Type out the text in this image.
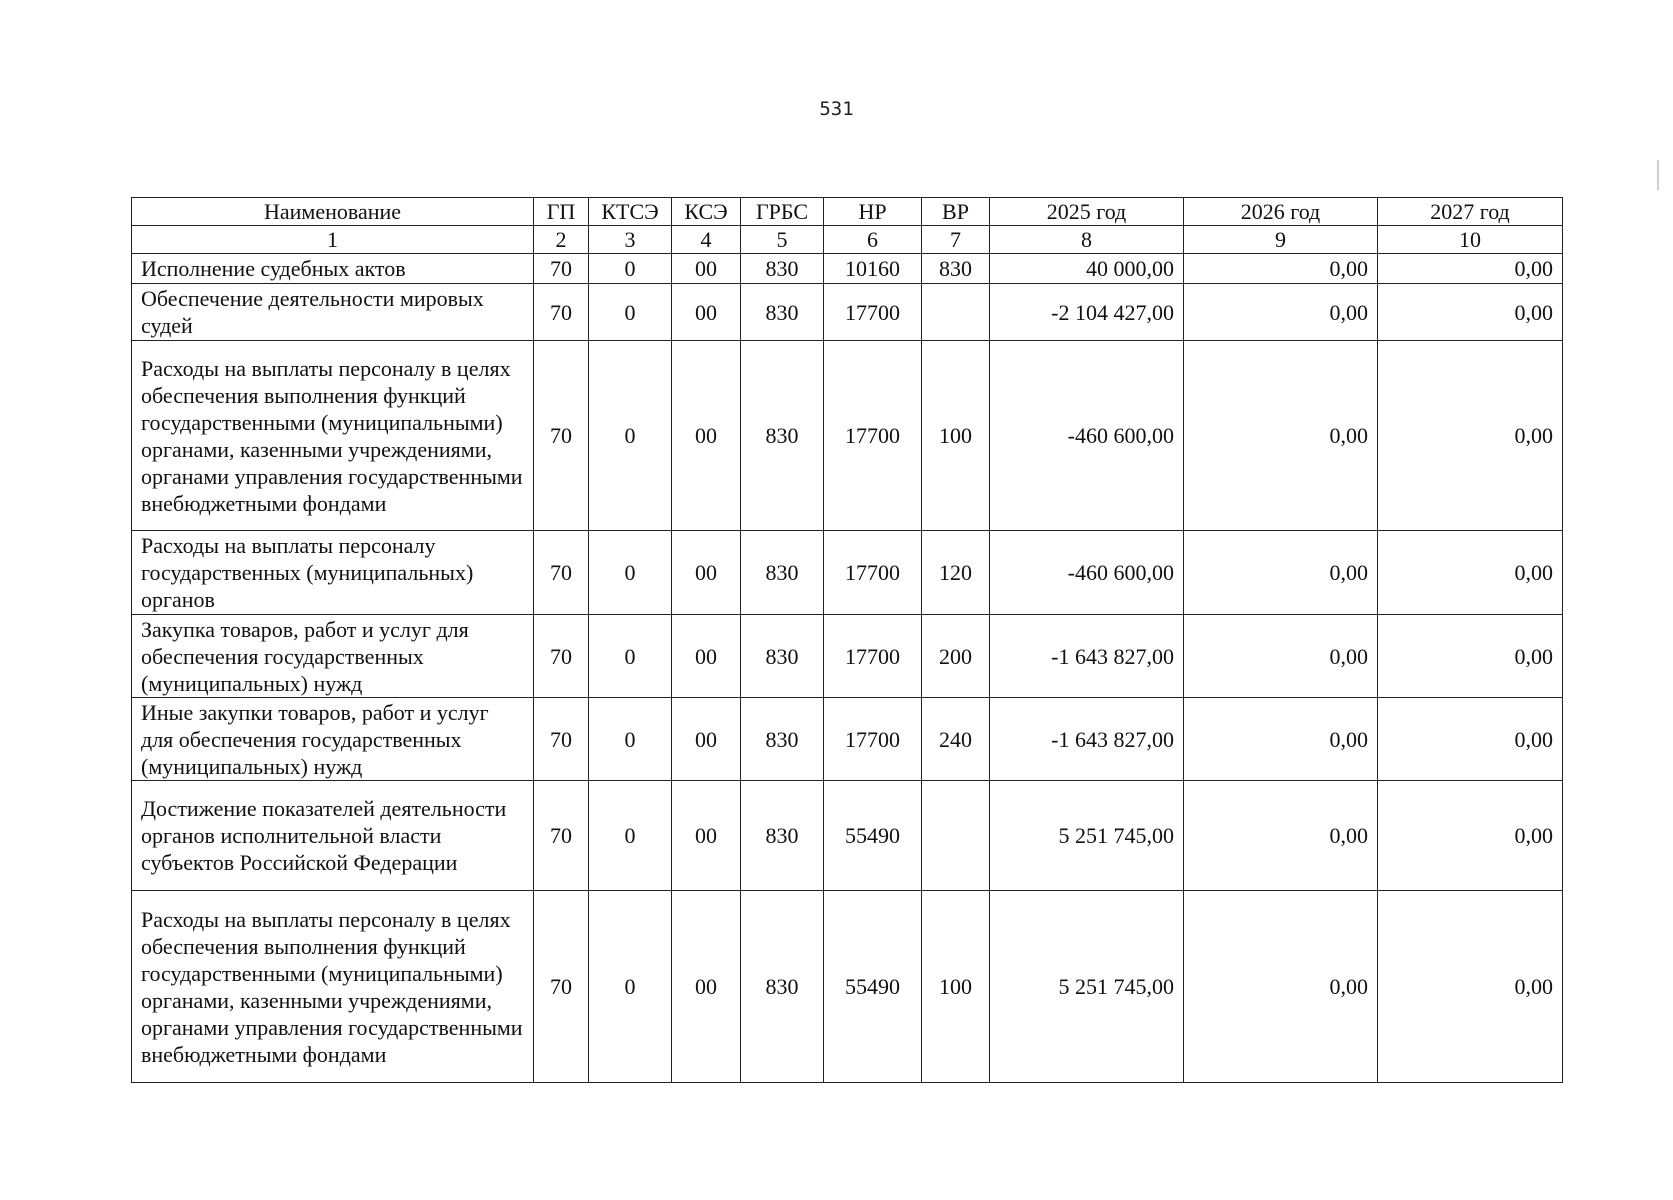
531
Наименование	ГП	КТСЭ	КСЭ	ГРБС	НР	ВР	2025 год	2026 год	2027 год
1	2	3	4	5	6	7	8	9	10
Исполнение судебных актов	70	0	00	830	10160	830	40 000,00	0,00	0,00
Обеспечение деятельности мировых судей	70	0	00	830	17700		-2 104 427,00	0,00	0,00
Расходы на выплаты персоналу в целях обеспечения выполнения функций государственными (муниципальными) органами, казенными учреждениями, органами управления государственными внебюджетными фондами	70	0	00	830	17700	100	-460 600,00	0,00	0,00
Расходы на выплаты персоналу государственных (муниципальных) органов	70	0	00	830	17700	120	-460 600,00	0,00	0,00
Закупка товаров, работ и услуг для обеспечения государственных (муниципальных) нужд	70	0	00	830	17700	200	-1 643 827,00	0,00	0,00
Иные закупки товаров, работ и услуг для обеспечения государственных (муниципальных) нужд	70	0	00	830	17700	240	-1 643 827,00	0,00	0,00
Достижение показателей деятельности органов исполнительной власти субъектов Российской Федерации	70	0	00	830	55490		5 251 745,00	0,00	0,00
Расходы на выплаты персоналу в целях обеспечения выполнения функций государственными (муниципальными) органами, казенными учреждениями, органами управления государственными внебюджетными фондами	70	0	00	830	55490	100	5 251 745,00	0,00	0,00
